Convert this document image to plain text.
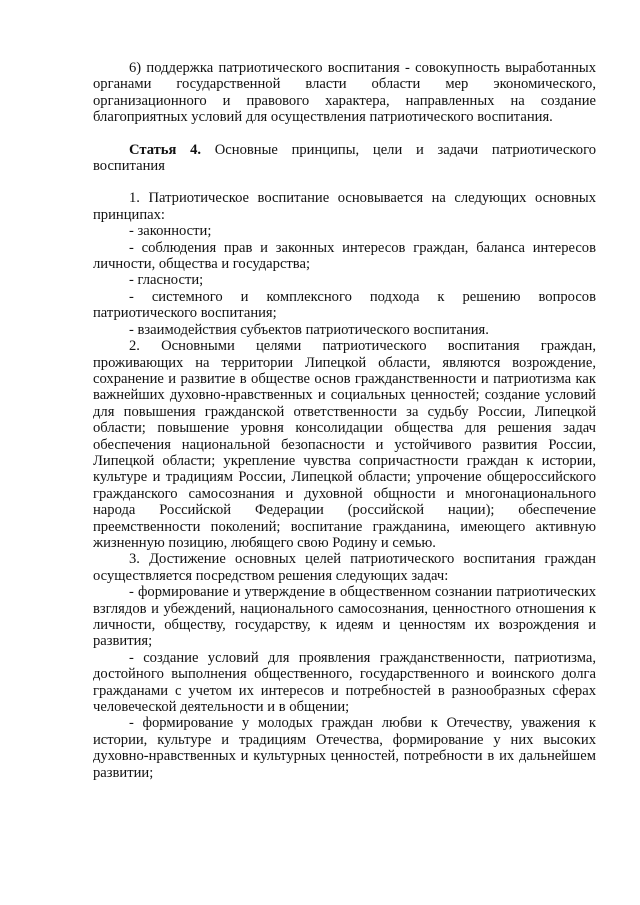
6) поддержка патриотического воспитания - совокупность выработанных органами государственной власти области мер экономического, организационного и правового характера, направленных на создание благоприятных условий для осуществления патриотического воспитания.

Статья 4. Основные принципы, цели и задачи патриотического воспитания

1. Патриотическое воспитание основывается на следующих основных принципах:

- законности;

- соблюдения прав и законных интересов граждан, баланса интересов личности, общества и государства;

- гласности;

- системного и комплексного подхода к решению вопросов патриотического воспитания;

- взаимодействия субъектов патриотического воспитания.

2. Основными целями патриотического воспитания граждан, проживающих на территории Липецкой области, являются возрождение, сохранение и развитие в обществе основ гражданственности и патриотизма как важнейших духовно-нравственных и социальных ценностей; создание условий для повышения гражданской ответственности за судьбу России, Липецкой области; повышение уровня консолидации общества для решения задач обеспечения национальной безопасности и устойчивого развития России, Липецкой области; укрепление чувства сопричастности граждан к истории, культуре и традициям России, Липецкой области; упрочение общероссийского гражданского самосознания и духовной общности и многонационального народа Российской Федерации (российской нации); обеспечение преемственности поколений; воспитание гражданина, имеющего активную жизненную позицию, любящего свою Родину и семью.

3. Достижение основных целей патриотического воспитания граждан осуществляется посредством решения следующих задач:

- формирование и утверждение в общественном сознании патриотических взглядов и убеждений, национального самосознания, ценностного отношения к личности, обществу, государству, к идеям и ценностям их возрождения и развития;

- создание условий для проявления гражданственности, патриотизма, достойного выполнения общественного, государственного и воинского долга гражданами с учетом их интересов и потребностей в разнообразных сферах человеческой деятельности и в общении;

- формирование у молодых граждан любви к Отечеству, уважения к истории, культуре и традициям Отечества, формирование у них высоких духовно-нравственных и культурных ценностей, потребности в их дальнейшем развитии;
